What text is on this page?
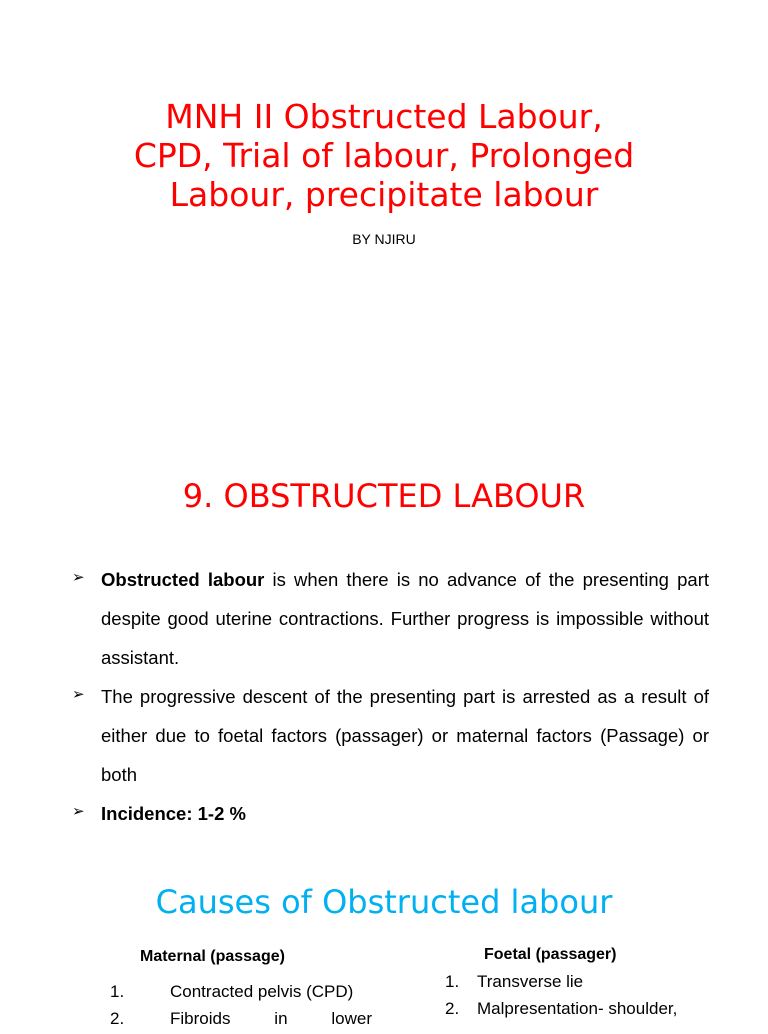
MNH II Obstructed Labour,
CPD, Trial of labour, Prolonged
Labour, precipitate labour
BY NJIRU
9. OBSTRUCTED LABOUR
➢ Obstructed labour is when there is no advance of the presenting part despite good uterine contractions. Further progress is impossible without assistant.
➢ The progressive descent of the presenting part is arrested as a result of either due to foetal factors (passager) or maternal factors (Passage) or both
➢ Incidence: 1-2 %
Causes of Obstructed labour
Maternal (passage)
1.	Contracted pelvis (CPD)
2.	Fibroids in lower
Foetal (passager)
1. Transverse lie
2. Malpresentation- shoulder,
